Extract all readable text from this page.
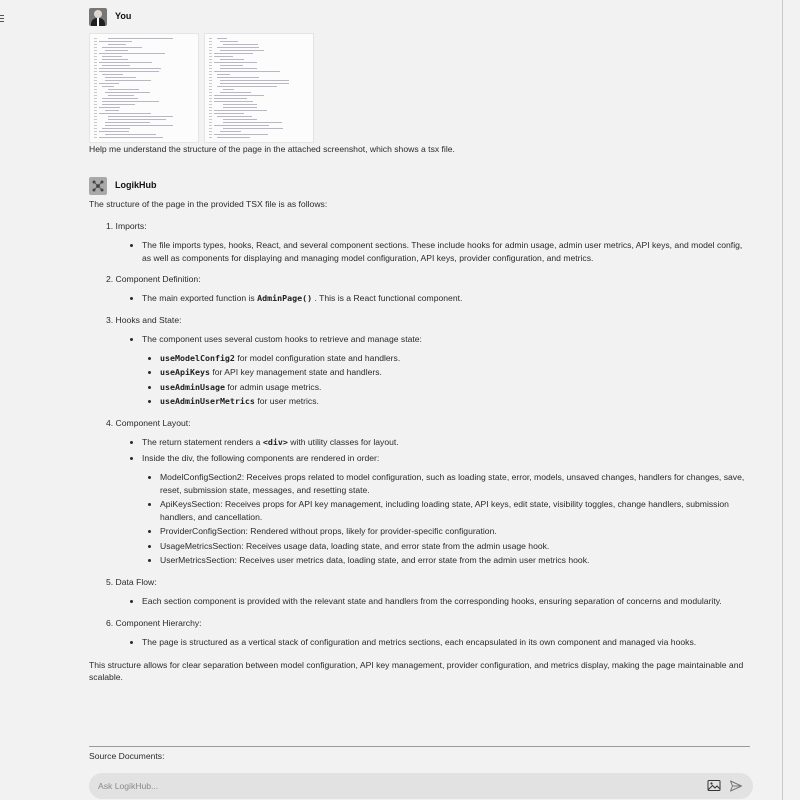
You

Help me understand the structure of the page in the attached screenshot, which shows a tsx file.

LogikHub

The structure of the page in the provided TSX file is as follows:

1. Imports:

• The file imports types, hooks, React, and several component sections. These include hooks for admin usage, admin user metrics, API keys, and model config, as well as components for displaying and managing model configuration, API keys, provider configuration, and metrics.

2. Component Definition:

• The main exported function is AdminPage() . This is a React functional component.

3. Hooks and State:

• The component uses several custom hooks to retrieve and manage state:
• useModelConfig2 for model configuration state and handlers.
• useApiKeys for API key management state and handlers.
• useAdminUsage for admin usage metrics.
• useAdminUserMetrics for user metrics.

4. Component Layout:

• The return statement renders a <div> with utility classes for layout.
• Inside the div, the following components are rendered in order:
• ModelConfigSection2: Receives props related to model configuration, such as loading state, error, models, unsaved changes, handlers for changes, save, reset, submission state, messages, and resetting state.
• ApiKeysSection: Receives props for API key management, including loading state, API keys, edit state, visibility toggles, change handlers, submission handlers, and cancellation.
• ProviderConfigSection: Rendered without props, likely for provider-specific configuration.
• UsageMetricsSection: Receives usage data, loading state, and error state from the admin usage hook.
• UserMetricsSection: Receives user metrics data, loading state, and error state from the admin user metrics hook.

5. Data Flow:

• Each section component is provided with the relevant state and handlers from the corresponding hooks, ensuring separation of concerns and modularity.

6. Component Hierarchy:

• The page is structured as a vertical stack of configuration and metrics sections, each encapsulated in its own component and managed via hooks.

This structure allows for clear separation between model configuration, API key management, provider configuration, and metrics display, making the page maintainable and scalable.

Source Documents:
Ask LogikHub...
